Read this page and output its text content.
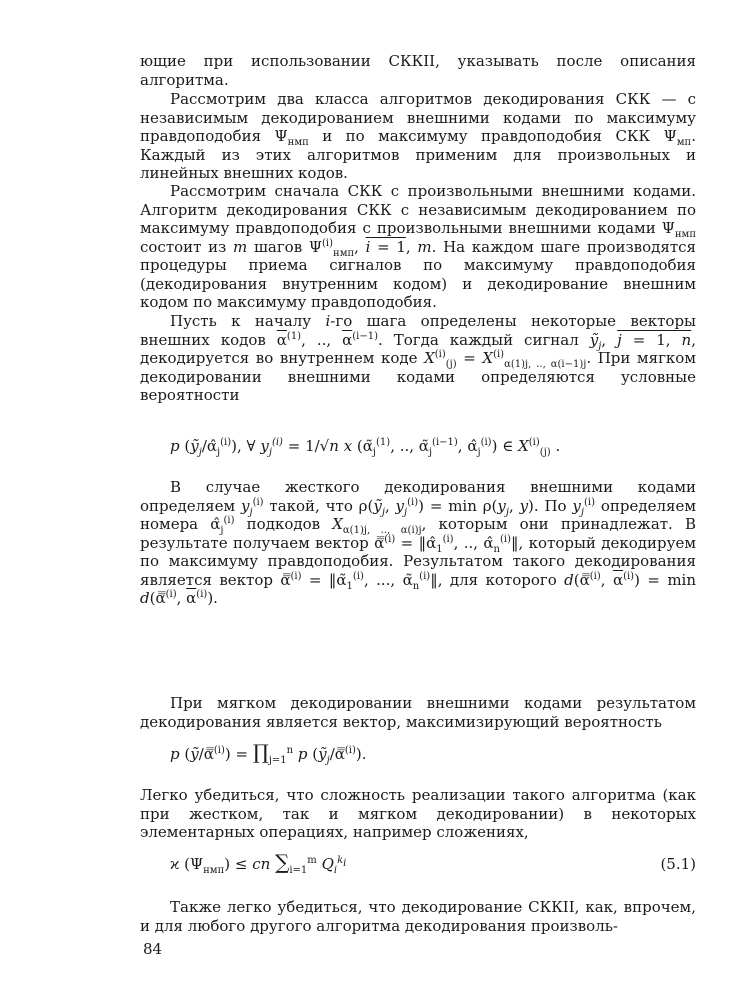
ющие при использовании СККII, указывать после описания алгоритма.

Рассмотрим два класса алгоритмов декодирования СКК — с независимым декодированием внешними кодами по максимуму правдоподобия $\Psi_{нмп}$ и по максимуму правдоподобия СКК $\Psi_{мп}$. Каждый из этих алгоритмов применим для произвольных и линейных внешних кодов.

Рассмотрим сначала СКК с произвольными внешними кодами. Алгоритм декодирования СКК с независимым декодированием по максимуму правдоподобия с произвольными внешними кодами $\Psi_{нмп}$ состоит из m шагов $\Psi^{(i)}_{нмп}$, i = 1, m. На каждом шаге производятся процедуры приема сигналов по максимуму правдоподобия (декодирования внутренним кодом) и декодирование внешним кодом по максимуму правдоподобия.

Пусть к началу i-го шага определены некоторые векторы внешних кодов $\overline{\alpha}^{(1)}$, .., $\overline{\alpha}^{(i-1)}$. Тогда каждый сигнал ỹ$_j$, j = 1, n, декодируется во внутреннем коде $X^{(i)}_{(j)} = X^{(i)}_{\alpha(1)j, .., \alpha(i-1)j}$. При мягком декодировании внешними кодами определяются условные вероятности

p $(ỹ_j/\alphâ_j^{(i)})$, ∀ $y_j^{(i)} = 1/√n$ x ($\alphã_j^{(1)}$, .., $\alphã_j^{(i-1)}$, $\alphâ_j^{(i)}$) ∈ $X^{(i)}_{(j)}$ .

В случае жесткого декодирования внешними кодами определяем $y_j^{(i)}$ такой, что ρ(ỹ$_j$, $y_j^{(i)}) = \min \rho(y_j$, y). По $y_j^{(i)}$ определяем номера $\alphâ_j^{(i)}$ подкодов $X_{\alpha(1)j, .., \alpha(i)j}$, которым они принадлежат. В результате получаем вектор α̿$^{(i)}$ = $‖\alphâ_1^{(i)}$, .., $\alphâ_n^{(i)}‖$, который декодируем по максимуму правдоподобия. Результатом такого декодирования является вектор α̿$^{(i)}$ = $‖\alphã_1^{(i)}$, ..., $\alphã_n^{(i)}‖$, для которого d(α̿$^{(i)}$, $\overline{\alpha}^{(i)}) = \min$ d(α̿$^{(i)}$, $\overline{\alpha}^{(i)}$).

При мягком декодировании внешними кодами результатом декодирования является вектор, максимизирующий вероятность

p (ỹ/α̿$^{(i)}$) = $\prod_{j=1}^n$ p (ỹ$_j$/α̿$^{(i)}$).

Легко убедиться, что сложность реализации такого алгоритма (как при жестком, так и мягком декодировании) в некоторых элементарных операциях, например сложениях,

ϰ $(\Psi_{нмп})$ ≤ cn $\sum_{i=1}^m$ $Q_i^{k_i}$	(5.1)

Также легко убедиться, что декодирование СККII, как, впрочем, и для любого другого алгоритма декодирования произволь-

84
